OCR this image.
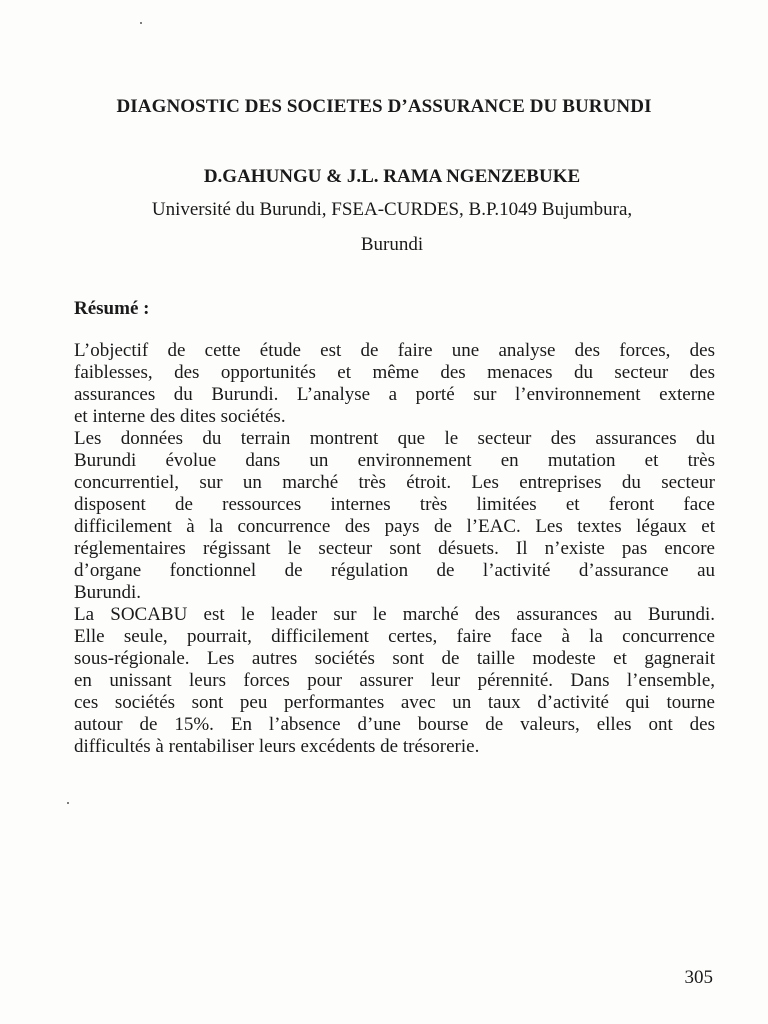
DIAGNOSTIC DES SOCIETES D’ASSURANCE DU BURUNDI
D.GAHUNGU & J.L. RAMA NGENZEBUKE
Université du Burundi, FSEA-CURDES, B.P.1049 Bujumbura,
Burundi
Résumé :
L’objectif de cette étude est de faire une analyse des forces, des
faiblesses, des opportunités et même des menaces du secteur des
assurances du Burundi. L’analyse a porté sur l’environnement externe
et interne des dites sociétés.
Les données du terrain montrent que le secteur des assurances du
Burundi évolue dans un environnement en mutation et très
concurrentiel, sur un marché très étroit. Les entreprises du secteur
disposent de ressources internes très limitées et feront face
difficilement à la concurrence des pays de l’EAC. Les textes légaux et
réglementaires régissant le secteur sont désuets. Il n’existe pas encore
d’organe fonctionnel de régulation de l’activité d’assurance au
Burundi.
La SOCABU est le leader sur le marché des assurances au Burundi.
Elle seule, pourrait, difficilement certes, faire face à la concurrence
sous-régionale. Les autres sociétés sont de taille modeste et gagnerait
en unissant leurs forces pour assurer leur pérennité. Dans l’ensemble,
ces sociétés sont peu performantes avec un taux d’activité qui tourne
autour de 15%. En l’absence d’une bourse de valeurs, elles ont des
difficultés à rentabiliser leurs excédents de trésorerie.
305
